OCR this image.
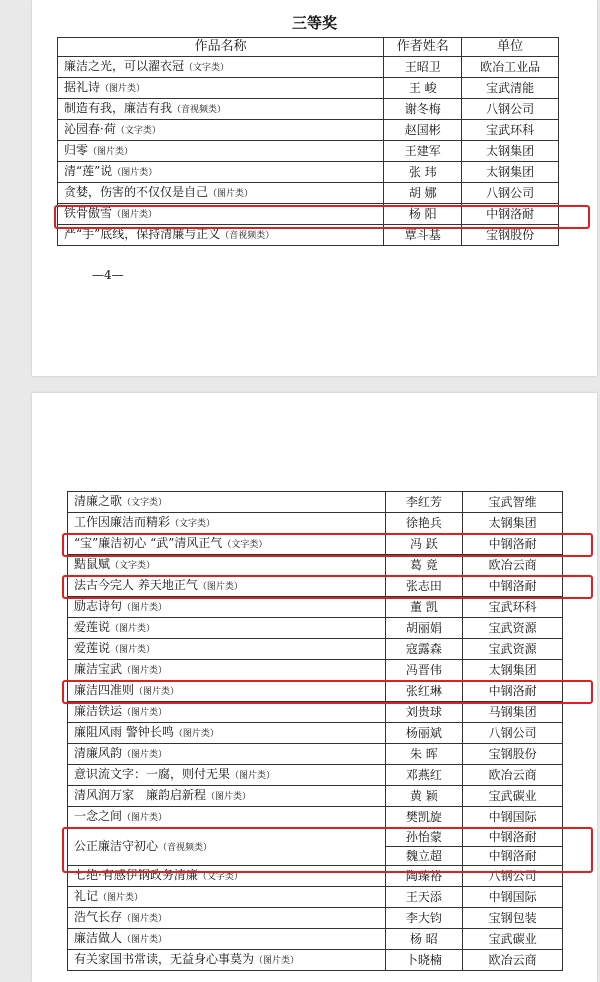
三等奖
作品名称	作者姓名	单位
廉洁之光，可以濯衣冠（文字类）	王昭卫	欧冶工业品
据礼诗（图片类）	王 峻	宝武清能
制造有我，廉洁有我（音视频类）	谢冬梅	八钢公司
沁园春·荷（文字类）	赵国彬	宝武环科
归零（图片类）	王建军	太钢集团
清“莲”说（图片类）	张 玮	太钢集团
贪婪，伤害的不仅仅是自己（图片类）	胡 娜	八钢公司
铁骨傲雪（图片类）	杨 阳	中钢洛耐
严“手”底线，保持清廉与正义（音视频类）	覃斗基	宝钢股份
—4—
清廉之歌（文字类）	李红芳	宝武智维
工作因廉洁而精彩（文字类）	徐艳兵	太钢集团
“宝”廉洁初心 “武”清风正气（文字类）	冯 跃	中钢洛耐
黠鼠赋（文字类）	葛 竟	欧冶云商
法古今完人 养天地正气（图片类）	张志田	中钢洛耐
励志诗句（图片类）	董 凯	宝武环科
爱莲说（图片类）	胡丽娟	宝武资源
爱莲说（图片类）	寇露森	宝武资源
廉洁宝武（图片类）	冯晋伟	太钢集团
廉洁四准则（图片类）	张红琳	中钢洛耐
廉洁铁运（图片类）	刘贵球	马钢集团
廉阻风雨 警钟长鸣（图片类）	杨丽斌	八钢公司
清廉风韵（图片类）	朱 晖	宝钢股份
意识流文字：一腐，则付无果（图片类）	邓燕红	欧冶云商
清风润万家　廉韵启新程（图片类）	黄 颖	宝武碳业
一念之间（图片类）	樊凯旋	中钢国际
公正廉洁守初心（音视频类）	孙怡蒙	中钢洛耐
	魏立超	中钢洛耐
七绝·有感伊钢政务清廉（文字类）	陶臻裕	八钢公司
礼记（图片类）	王天添	中钢国际
浩气长存（图片类）	李大钧	宝钢包装
廉洁做人（图片类）	杨 昭	宝武碳业
有关家国书常读，无益身心事莫为（图片类）	卜晓楠	欧冶云商
